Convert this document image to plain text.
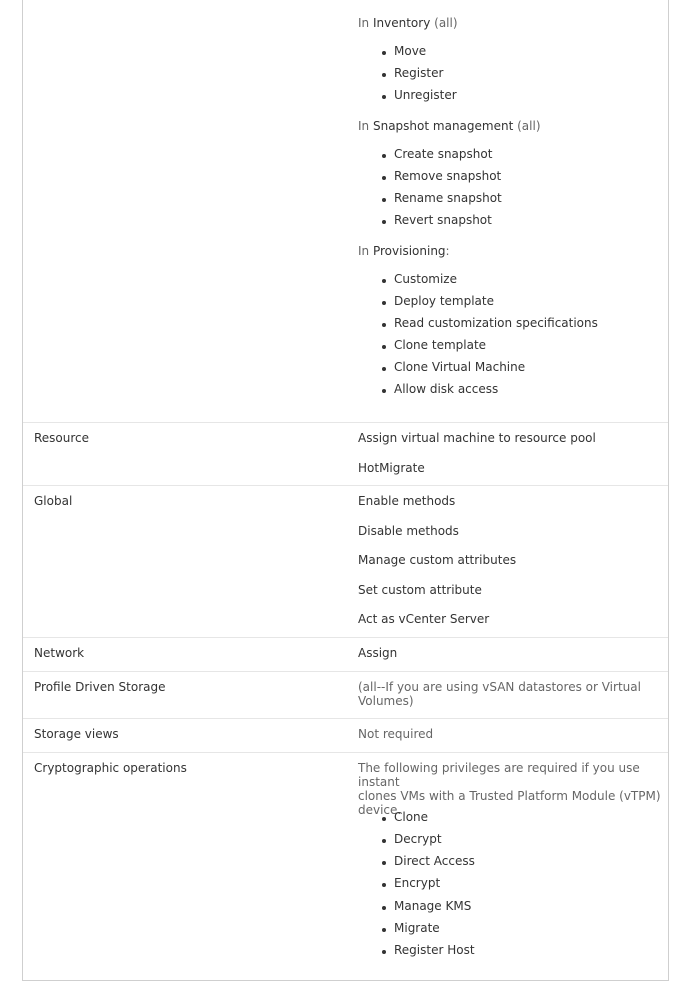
In Inventory (all)
Move
Register
Unregister
In Snapshot management (all)
Create snapshot
Remove snapshot
Rename snapshot
Revert snapshot
In Provisioning:
Customize
Deploy template
Read customization specifications
Clone template
Clone Virtual Machine
Allow disk access
Resource	Assign virtual machine to resource pool
HotMigrate
Global	Enable methods
Disable methods
Manage custom attributes
Set custom attribute
Act as vCenter Server
Network	Assign
Profile Driven Storage	(all--If you are using vSAN datastores or Virtual
Volumes)
Storage views	Not required
Cryptographic operations	The following privileges are required if you use instant
clones VMs with a Trusted Platform Module (vTPM)
device.
Clone
Decrypt
Direct Access
Encrypt
Manage KMS
Migrate
Register Host
